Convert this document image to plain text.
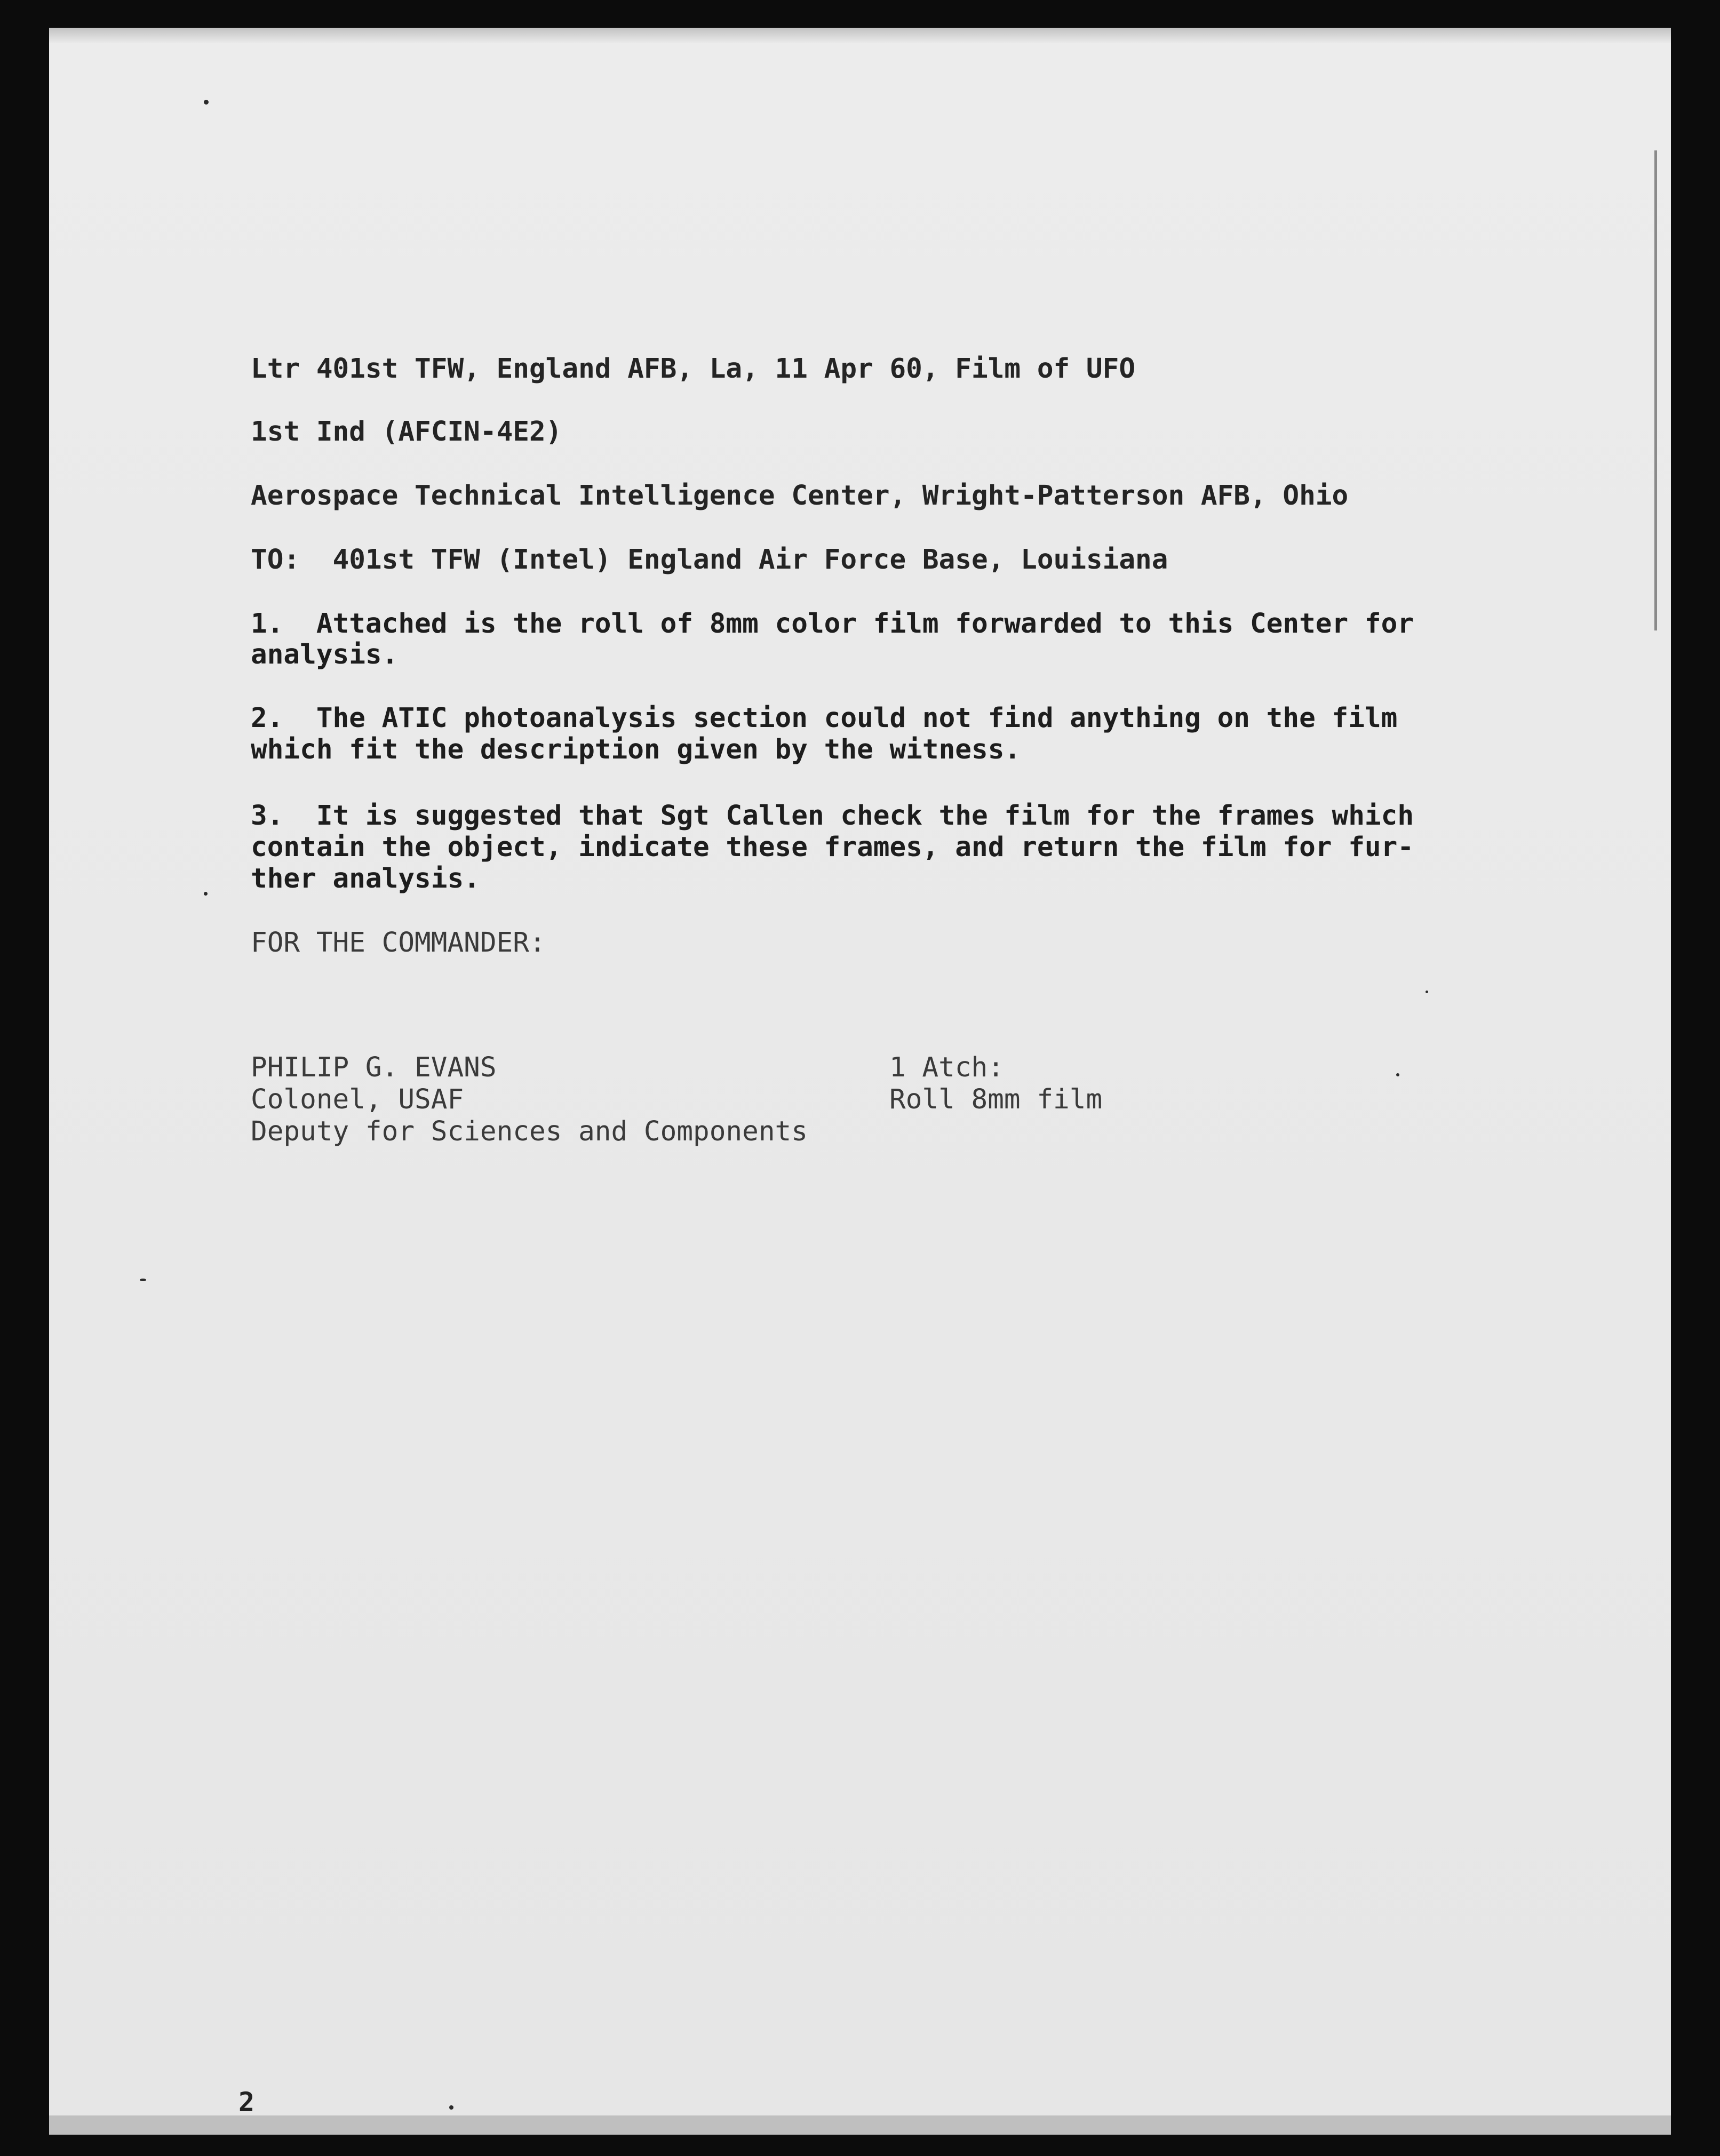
Ltr 401st TFW, England AFB, La, 11 Apr 60, Film of UFO

1st Ind (AFCIN-4E2)

Aerospace Technical Intelligence Center, Wright-Patterson AFB, Ohio

TO:  401st TFW (Intel) England Air Force Base, Louisiana

1.  Attached is the roll of 8mm color film forwarded to this Center for

analysis.

2.  The ATIC photoanalysis section could not find anything on the film

which fit the description given by the witness.

3.  It is suggested that Sgt Callen check the film for the frames which

contain the object, indicate these frames, and return the film for fur-

ther analysis.

FOR THE COMMANDER:

PHILIP G. EVANS

Colonel, USAF

Deputy for Sciences and Components

1 Atch:

Roll 8mm film

2
